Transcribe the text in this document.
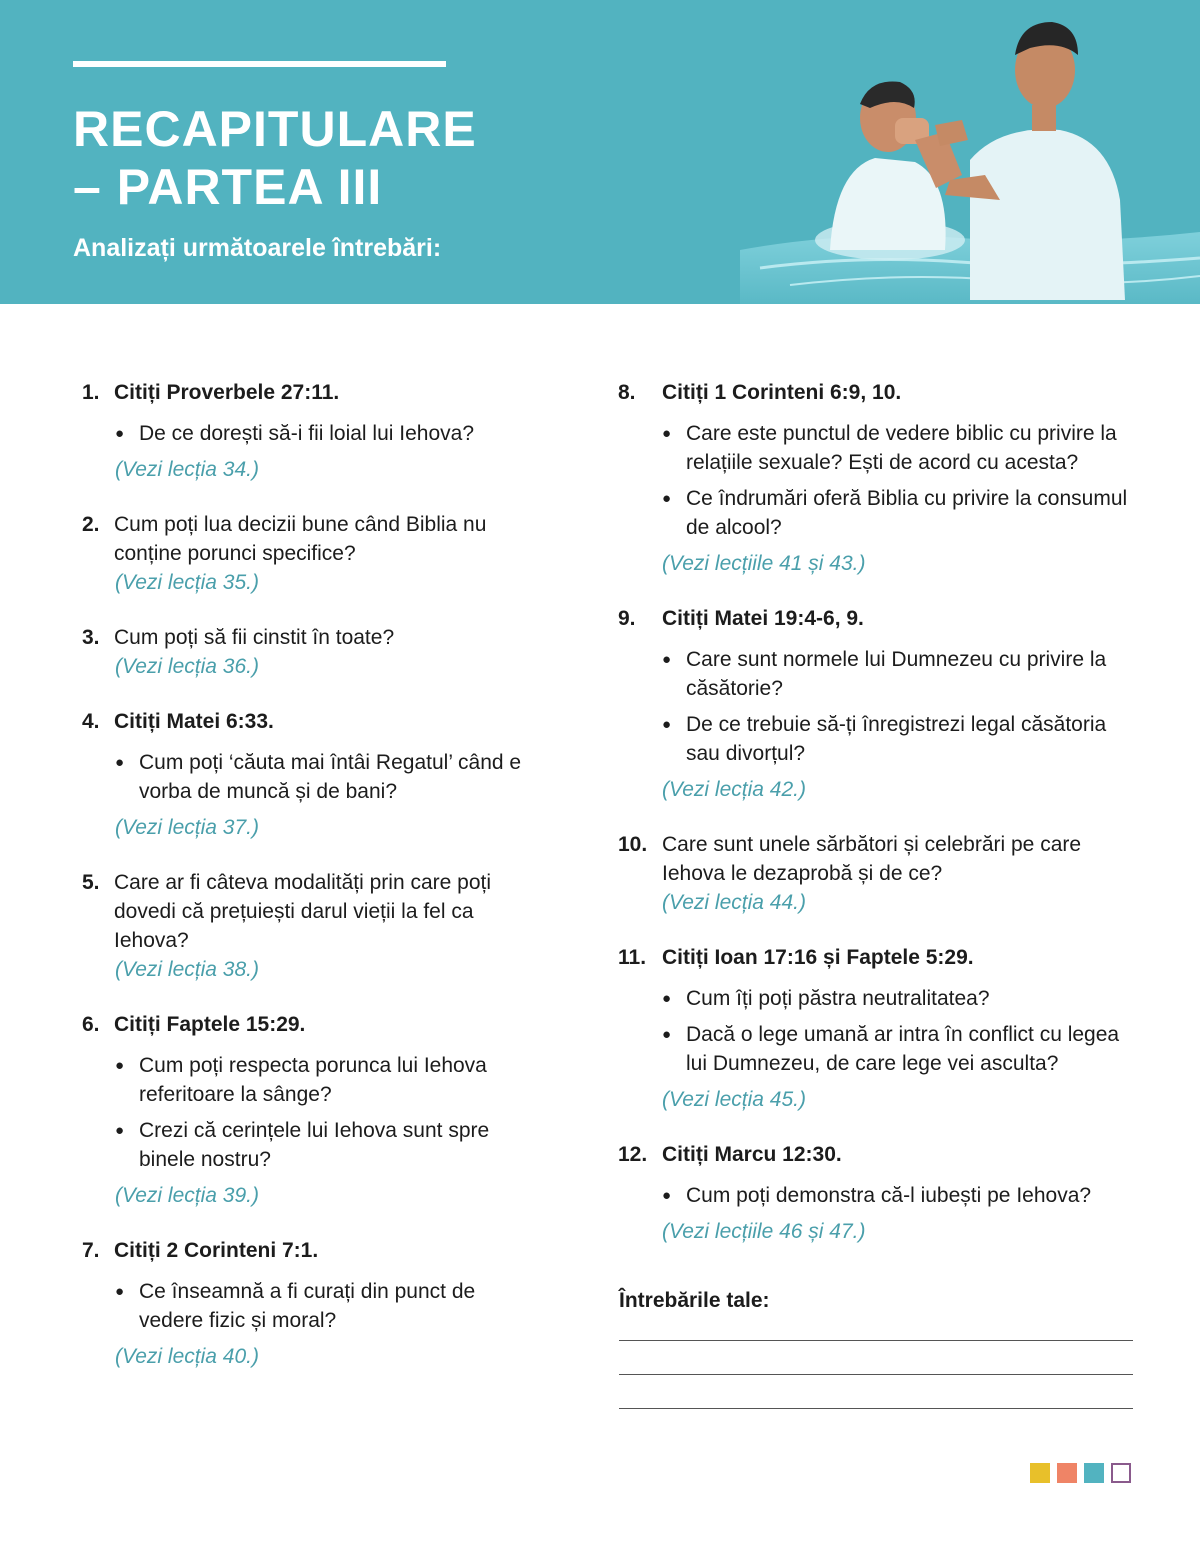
RECAPITULARE
– PARTEA III

Analizați următoarele întrebări:

1. Citiți Proverbele 27:11.
● De ce dorești să-i fii loial lui Iehova?
(Vezi lecția 34.)
2. Cum poți lua decizii bune când Biblia nu conține porunci specifice?
(Vezi lecția 35.)
3. Cum poți să fii cinstit în toate?
(Vezi lecția 36.)
4. Citiți Matei 6:33.
● Cum poți ‘căuta mai întâi Regatul’ când e vorba de muncă și de bani?
(Vezi lecția 37.)
5. Care ar fi câteva modalități prin care poți dovedi că prețuiești darul vieții la fel ca Iehova?
(Vezi lecția 38.)
6. Citiți Faptele 15:29.
● Cum poți respecta porunca lui Iehova referitoare la sânge?
● Crezi că cerințele lui Iehova sunt spre binele nostru?
(Vezi lecția 39.)
7. Citiți 2 Corinteni 7:1.
● Ce înseamnă a fi curați din punct de vedere fizic și moral?
(Vezi lecția 40.)
8.	Citiți 1 Corinteni 6:9, 10.
● Care este punctul de vedere biblic cu privire la relațiile sexuale? Ești de acord cu acesta?
● Ce îndrumări oferă Biblia cu privire la consumul de alcool?
(Vezi lecțiile 41 și 43.)
9.	Citiți Matei 19:4-6, 9.
● Care sunt normele lui Dumnezeu cu privire la căsătorie?
● De ce trebuie să-ți înregistrezi legal căsătoria sau divorțul?
(Vezi lecția 42.)
10. Care sunt unele sărbători și celebrări pe care Iehova le dezaprobă și de ce?
(Vezi lecția 44.)
11. Citiți Ioan 17:16 și Faptele 5:29.
● Cum îți poți păstra neutralitatea?
● Dacă o lege umană ar intra în conflict cu legea lui Dumnezeu, de care lege vei asculta?
(Vezi lecția 45.)
12. Citiți Marcu 12:30.
● Cum poți demonstra că-l iubești pe Iehova?
(Vezi lecțiile 46 și 47.)

Întrebările tale:
